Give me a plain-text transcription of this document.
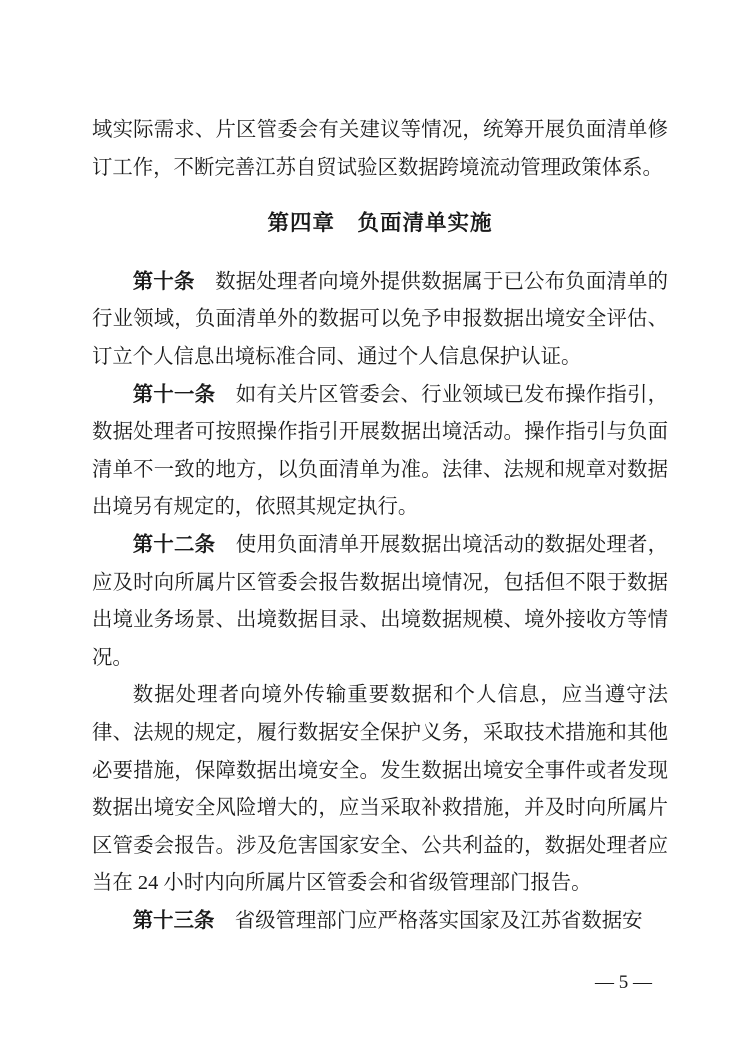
域实际需求、片区管委会有关建议等情况，统筹开展负面清单修订工作，不断完善江苏自贸试验区数据跨境流动管理政策体系。

第四章　负面清单实施

第十条　数据处理者向境外提供数据属于已公布负面清单的行业领域，负面清单外的数据可以免予申报数据出境安全评估、订立个人信息出境标准合同、通过个人信息保护认证。

第十一条　如有关片区管委会、行业领域已发布操作指引，数据处理者可按照操作指引开展数据出境活动。操作指引与负面清单不一致的地方，以负面清单为准。法律、法规和规章对数据出境另有规定的，依照其规定执行。

第十二条　使用负面清单开展数据出境活动的数据处理者，应及时向所属片区管委会报告数据出境情况，包括但不限于数据出境业务场景、出境数据目录、出境数据规模、境外接收方等情况。

数据处理者向境外传输重要数据和个人信息，应当遵守法律、法规的规定，履行数据安全保护义务，采取技术措施和其他必要措施，保障数据出境安全。发生数据出境安全事件或者发现数据出境安全风险增大的，应当采取补救措施，并及时向所属片区管委会报告。涉及危害国家安全、公共利益的，数据处理者应当在 24 小时内向所属片区管委会和省级管理部门报告。

第十三条　省级管理部门应严格落实国家及江苏省数据安

— 5 —
